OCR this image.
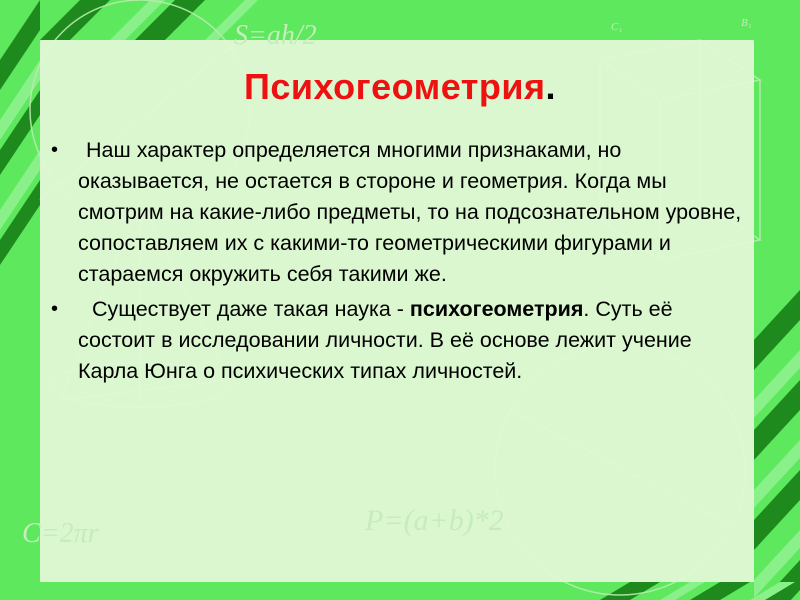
S=ah/2
C=2πr	P=(a+b)*2
C₁	B₁
Психогеометрия.
• Наш характер определяется многими признаками, но оказывается, не остается в стороне и геометрия. Когда мы смотрим на какие-либо предметы, то на подсознательном уровне, сопоставляем их с какими-то геометрическими фигурами и стараемся окружить себя такими же.
• Существует даже такая наука - психогеометрия. Суть её состоит в исследовании личности. В её основе лежит учение Карла Юнга о психических типах личностей.
